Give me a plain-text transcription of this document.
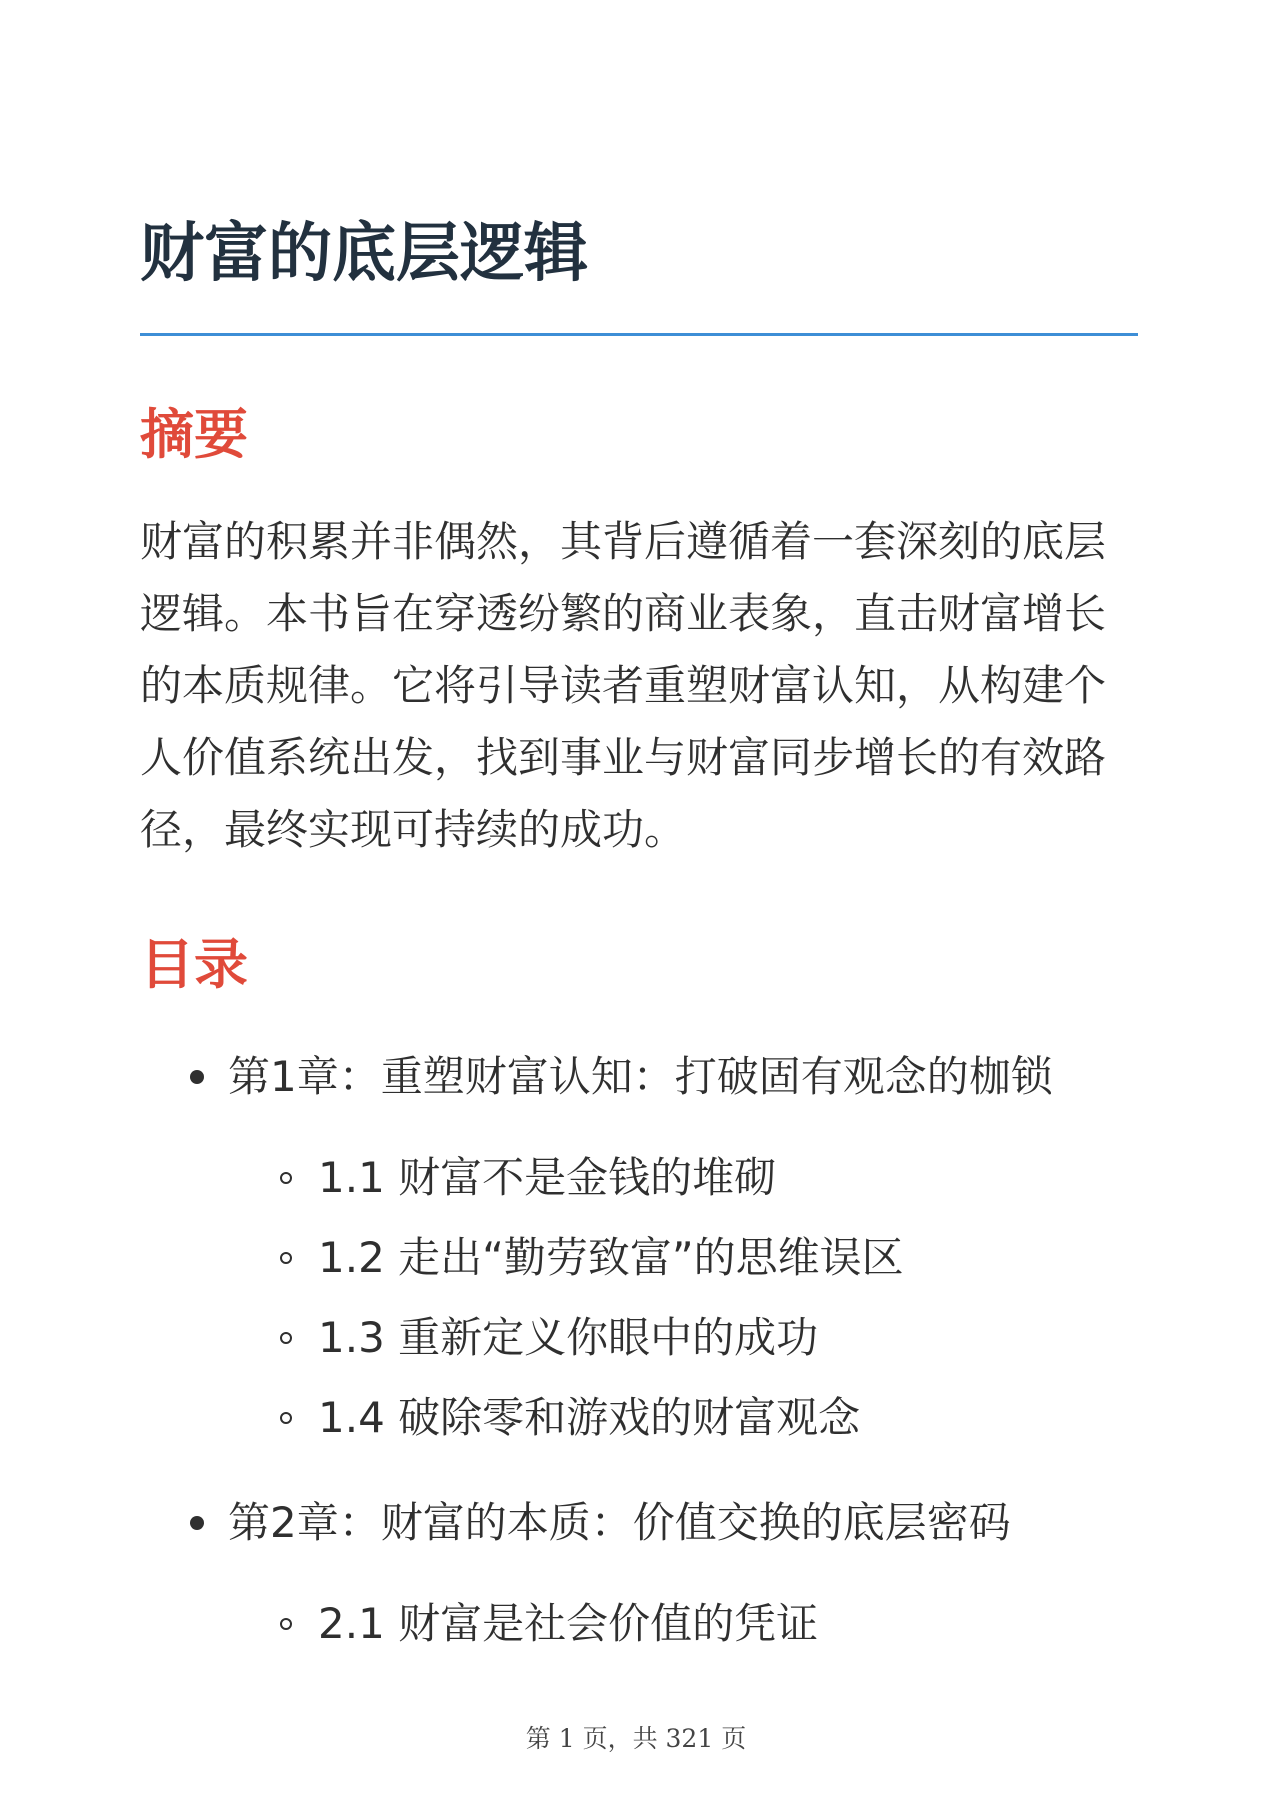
财富的底层逻辑
摘要

财富的积累并非偶然，其背后遵循着一套深刻的底层逻辑。本书旨在穿透纷繁的商业表象，直击财富增长的本质规律。它将引导读者重塑财富认知，从构建个人价值系统出发，找到事业与财富同步增长的有效路径，最终实现可持续的成功。

目录
第1章：重塑财富认知：打破固有观念的枷锁
1.1 财富不是金钱的堆砌
1.2 走出“勤劳致富”的思维误区
1.3 重新定义你眼中的成功
1.4 破除零和游戏的财富观念
第2章：财富的本质：价值交换的底层密码
2.1 财富是社会价值的凭证
第 1 页，共 321 页
